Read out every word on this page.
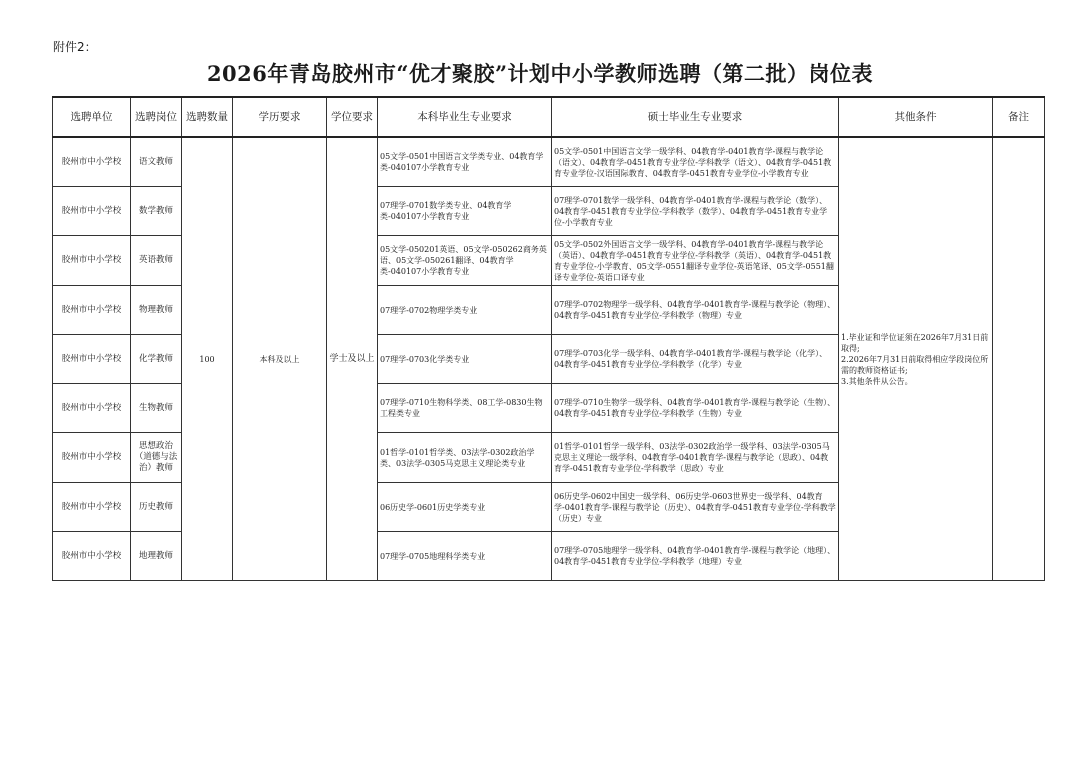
附件2：
2026年青岛胶州市“优才聚胶”计划中小学教师选聘（第二批）岗位表
选聘单位	选聘岗位	选聘数量	学历要求	学位要求	本科毕业生专业要求	硕士毕业生专业要求	其他条件	备注
胶州市中小学校	语文教师	100	本科及以上	学士及以上	05文学-0501中国语言文学类专业、04教育学类-040107小学教育专业	05文学-0501中国语言文学一级学科、04教育学-0401教育学-课程与教学论（语文）、04教育学-0451教育专业学位-学科教学（语文）、04教育学-0451教育专业学位-汉语国际教育、04教育学-0451教育专业学位-小学教育专业	1.毕业证和学位证须在2026年7月31日前取得;
2.2026年7月31日前取得相应学段岗位所需的教师资格证书;
3.其他条件从公告。	
胶州市中小学校	数学教师				07理学-0701数学类专业、04教育学类-040107小学教育专业	07理学-0701数学一级学科、04教育学-0401教育学-课程与教学论（数学）、04教育学-0451教育专业学位-学科教学（数学）、04教育学-0451教育专业学位-小学教育专业		
胶州市中小学校	英语教师				05文学-050201英语、05文学-050262商务英语、05文学-050261翻译、04教育学类-040107小学教育专业	05文学-0502外国语言文学一级学科、04教育学-0401教育学-课程与教学论（英语）、04教育学-0451教育专业学位-学科教学（英语）、04教育学-0451教育专业学位-小学教育、05文学-0551翻译专业学位-英语笔译、05文学-0551翻译专业学位-英语口译专业		
胶州市中小学校	物理教师				07理学-0702物理学类专业	07理学-0702物理学一级学科、04教育学-0401教育学-课程与教学论（物理）、04教育学-0451教育专业学位-学科教学（物理）专业		
胶州市中小学校	化学教师				07理学-0703化学类专业	07理学-0703化学一级学科、04教育学-0401教育学-课程与教学论（化学）、04教育学-0451教育专业学位-学科教学（化学）专业		
胶州市中小学校	生物教师				07理学-0710生物科学类、08工学-0830生物工程类专业	07理学-0710生物学一级学科、04教育学-0401教育学-课程与教学论（生物）、04教育学-0451教育专业学位-学科教学（生物）专业		
胶州市中小学校	思想政治（道德与法治）教师				01哲学-0101哲学类、03法学-0302政治学类、03法学-0305马克思主义理论类专业	01哲学-0101哲学一级学科、03法学-0302政治学一级学科、03法学-0305马克思主义理论一级学科、04教育学-0401教育学-课程与教学论（思政）、04教育学-0451教育专业学位-学科教学（思政）专业		
胶州市中小学校	历史教师				06历史学-0601历史学类专业	06历史学-0602中国史一级学科、06历史学-0603世界史一级学科、04教育学-0401教育学-课程与教学论（历史）、04教育学-0451教育专业学位-学科教学（历史）专业		
胶州市中小学校	地理教师				07理学-0705地理科学类专业	07理学-0705地理学一级学科、04教育学-0401教育学-课程与教学论（地理）、04教育学-0451教育专业学位-学科教学（地理）专业		
